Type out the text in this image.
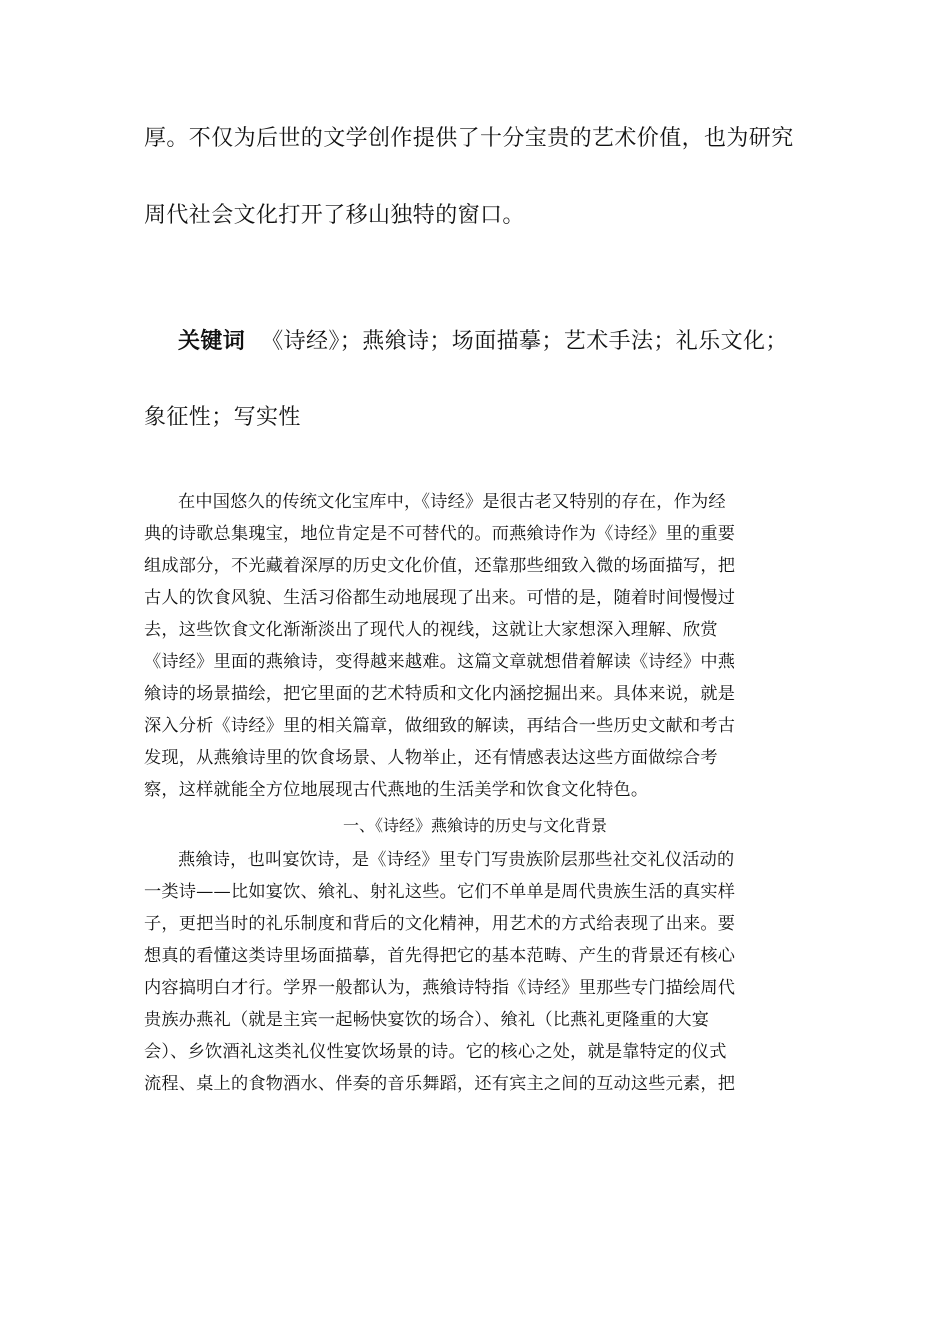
厚。不仅为后世的文学创作提供了十分宝贵的艺术价值，也为研究
周代社会文化打开了移山独特的窗口。
关键词 《诗经》；燕飨诗；场面描摹；艺术手法；礼乐文化；
象征性；写实性
在中国悠久的传统文化宝库中，《诗经》是很古老又特别的存在，作为经
典的诗歌总集瑰宝，地位肯定是不可替代的。而燕飨诗作为《诗经》里的重要
组成部分，不光藏着深厚的历史文化价值，还靠那些细致入微的场面描写，把
古人的饮食风貌、生活习俗都生动地展现了出来。可惜的是，随着时间慢慢过
去，这些饮食文化渐渐淡出了现代人的视线，这就让大家想深入理解、欣赏
《诗经》里面的燕飨诗，变得越来越难。这篇文章就想借着解读《诗经》中燕
飨诗的场景描绘，把它里面的艺术特质和文化内涵挖掘出来。具体来说，就是
深入分析《诗经》里的相关篇章，做细致的解读，再结合一些历史文献和考古
发现，从燕飨诗里的饮食场景、人物举止，还有情感表达这些方面做综合考
察，这样就能全方位地展现古代燕地的生活美学和饮食文化特色。
一、《诗经》燕飨诗的历史与文化背景
燕飨诗，也叫宴饮诗，是《诗经》里专门写贵族阶层那些社交礼仪活动的
一类诗——比如宴饮、飨礼、射礼这些。它们不单单是周代贵族生活的真实样
子，更把当时的礼乐制度和背后的文化精神，用艺术的方式给表现了出来。要
想真的看懂这类诗里场面描摹，首先得把它的基本范畴、产生的背景还有核心
内容搞明白才行。学界一般都认为，燕飨诗特指《诗经》里那些专门描绘周代
贵族办燕礼（就是主宾一起畅快宴饮的场合）、飨礼（比燕礼更隆重的大宴
会）、乡饮酒礼这类礼仪性宴饮场景的诗。它的核心之处，就是靠特定的仪式
流程、桌上的食物酒水、伴奏的音乐舞蹈，还有宾主之间的互动这些元素，把
